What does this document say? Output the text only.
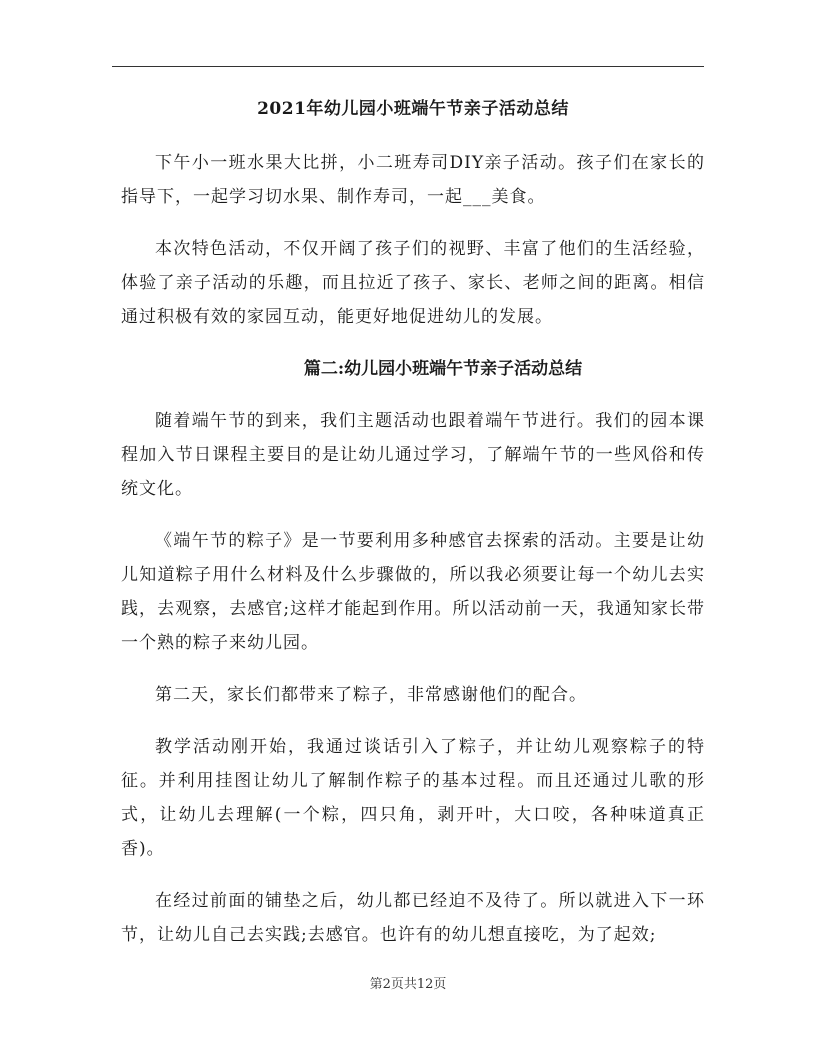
2021年幼儿园小班端午节亲子活动总结

下午小一班水果大比拼，小二班寿司DIY亲子活动。孩子们在家长的指导下，一起学习切水果、制作寿司，一起___美食。

本次特色活动，不仅开阔了孩子们的视野、丰富了他们的生活经验，体验了亲子活动的乐趣，而且拉近了孩子、家长、老师之间的距离。相信通过积极有效的家园互动，能更好地促进幼儿的发展。

篇二:幼儿园小班端午节亲子活动总结

随着端午节的到来，我们主题活动也跟着端午节进行。我们的园本课程加入节日课程主要目的是让幼儿通过学习，了解端午节的一些风俗和传统文化。

《端午节的粽子》是一节要利用多种感官去探索的活动。主要是让幼儿知道粽子用什么材料及什么步骤做的，所以我必须要让每一个幼儿去实践，去观察，去感官;这样才能起到作用。所以活动前一天，我通知家长带一个熟的粽子来幼儿园。

第二天，家长们都带来了粽子，非常感谢他们的配合。

教学活动刚开始，我通过谈话引入了粽子，并让幼儿观察粽子的特征。并利用挂图让幼儿了解制作粽子的基本过程。而且还通过儿歌的形式，让幼儿去理解(一个粽，四只角，剥开叶，大口咬，各种味道真正香)。

在经过前面的铺垫之后，幼儿都已经迫不及待了。所以就进入下一环节，让幼儿自己去实践;去感官。也许有的幼儿想直接吃，为了起效;

第2页共12页
